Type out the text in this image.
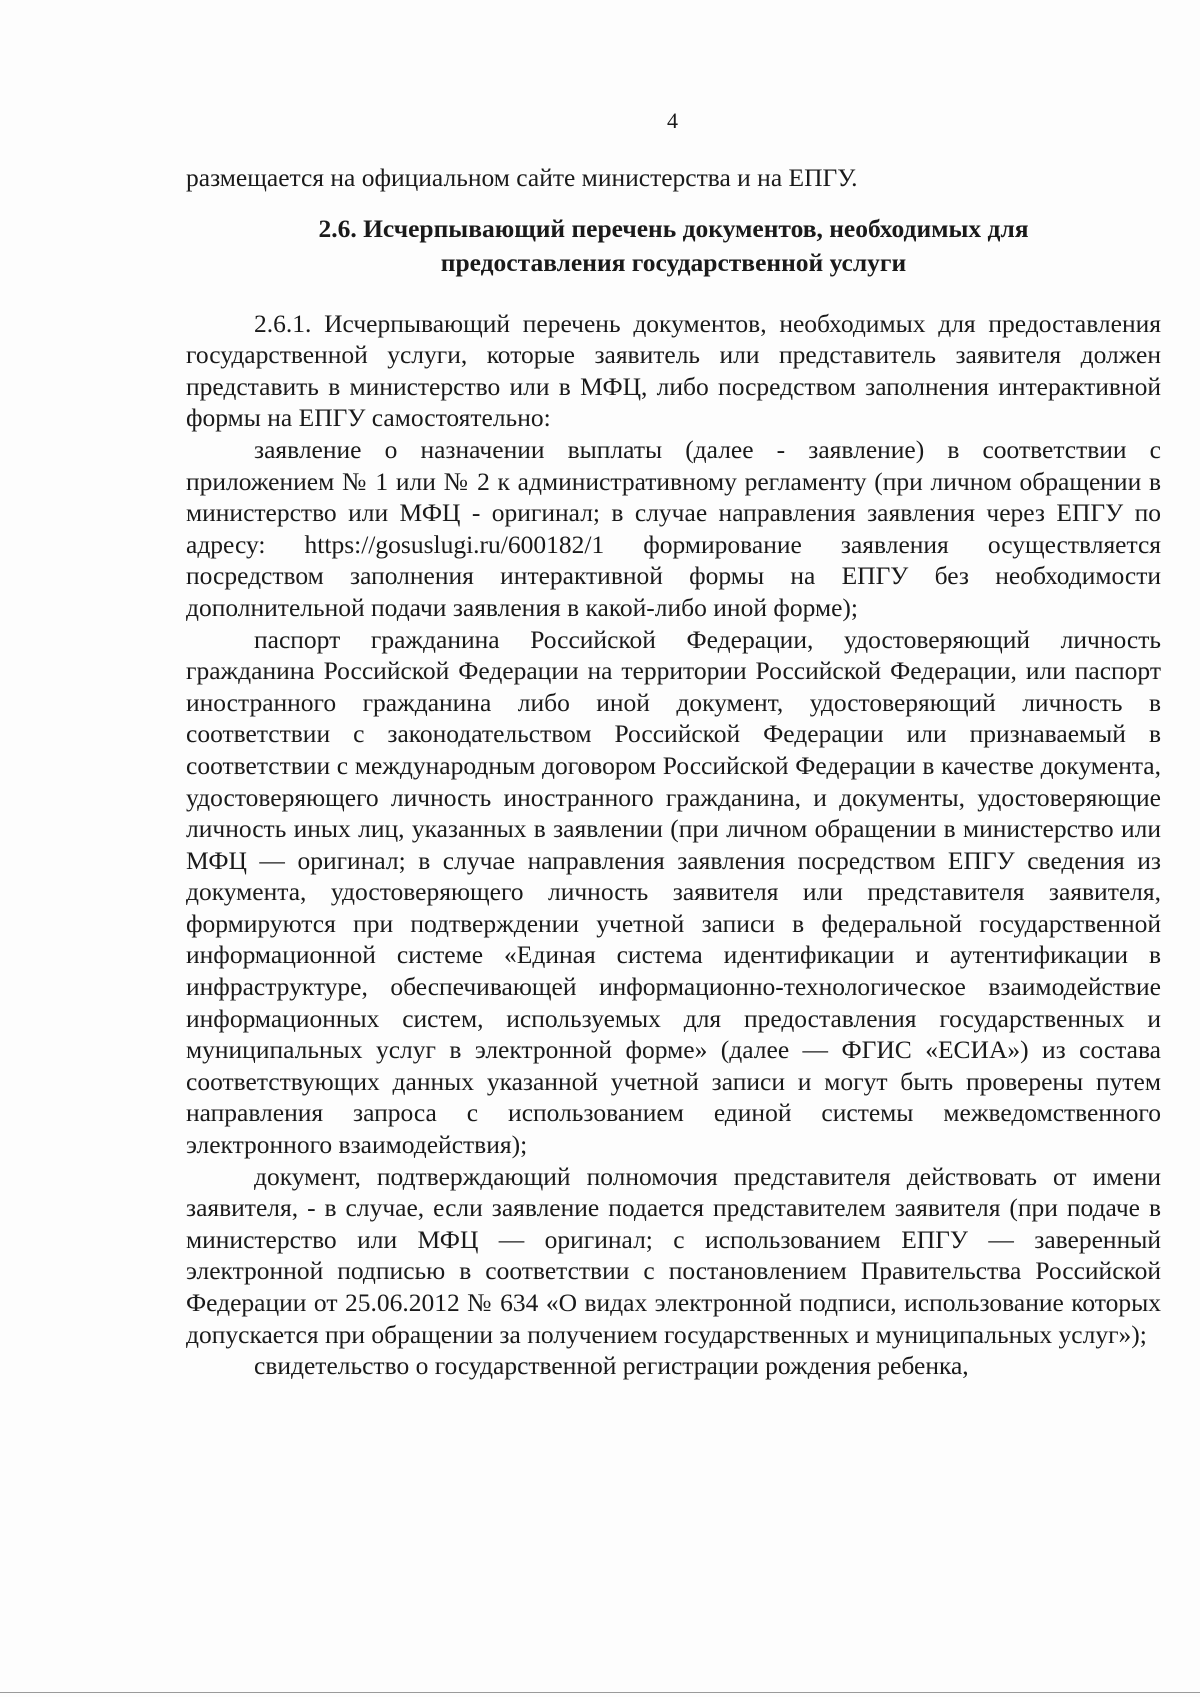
4

размещается на официальном сайте министерства и на ЕПГУ.

2.6. Исчерпывающий перечень документов, необходимых для
предоставления государственной услуги

2.6.1. Исчерпывающий перечень документов, необходимых для предоставления государственной услуги, которые заявитель или представитель заявителя должен представить в министерство или в МФЦ, либо посредством заполнения интерактивной формы на ЕПГУ самостоятельно:

заявление о назначении выплаты (далее - заявление) в соответствии с приложением № 1 или № 2 к административному регламенту (при личном обращении в министерство или МФЦ - оригинал; в случае направления заявления через ЕПГУ по адресу: https://gosuslugi.ru/600182/1 формирование заявления осуществляется посредством заполнения интерактивной формы на ЕПГУ без необходимости дополнительной подачи заявления в какой-либо иной форме);

паспорт гражданина Российской Федерации, удостоверяющий личность гражданина Российской Федерации на территории Российской Федерации, или паспорт иностранного гражданина либо иной документ, удостоверяющий личность в соответствии с законодательством Российской Федерации или признаваемый в соответствии с международным договором Российской Федерации в качестве документа, удостоверяющего личность иностранного гражданина, и документы, удостоверяющие личность иных лиц, указанных в заявлении (при личном обращении в министерство или МФЦ — оригинал; в случае направления заявления посредством ЕПГУ сведения из документа, удостоверяющего личность заявителя или представителя заявителя, формируются при подтверждении учетной записи в федеральной государственной информационной системе «Единая система идентификации и аутентификации в инфраструктуре, обеспечивающей информационно-технологическое взаимодействие информационных систем, используемых для предоставления государственных и муниципальных услуг в электронной форме» (далее — ФГИС «ЕСИА») из состава соответствующих данных указанной учетной записи и могут быть проверены путем направления запроса с использованием единой системы межведомственного электронного взаимодействия);

документ, подтверждающий полномочия представителя действовать от имени заявителя, - в случае, если заявление подается представителем заявителя (при подаче в министерство или МФЦ — оригинал; с использованием ЕПГУ — заверенный электронной подписью в соответствии с постановлением Правительства Российской Федерации от 25.06.2012 № 634 «О видах электронной подписи, использование которых допускается при обращении за получением государственных и муниципальных услуг»);

свидетельство о государственной регистрации рождения ребенка,
